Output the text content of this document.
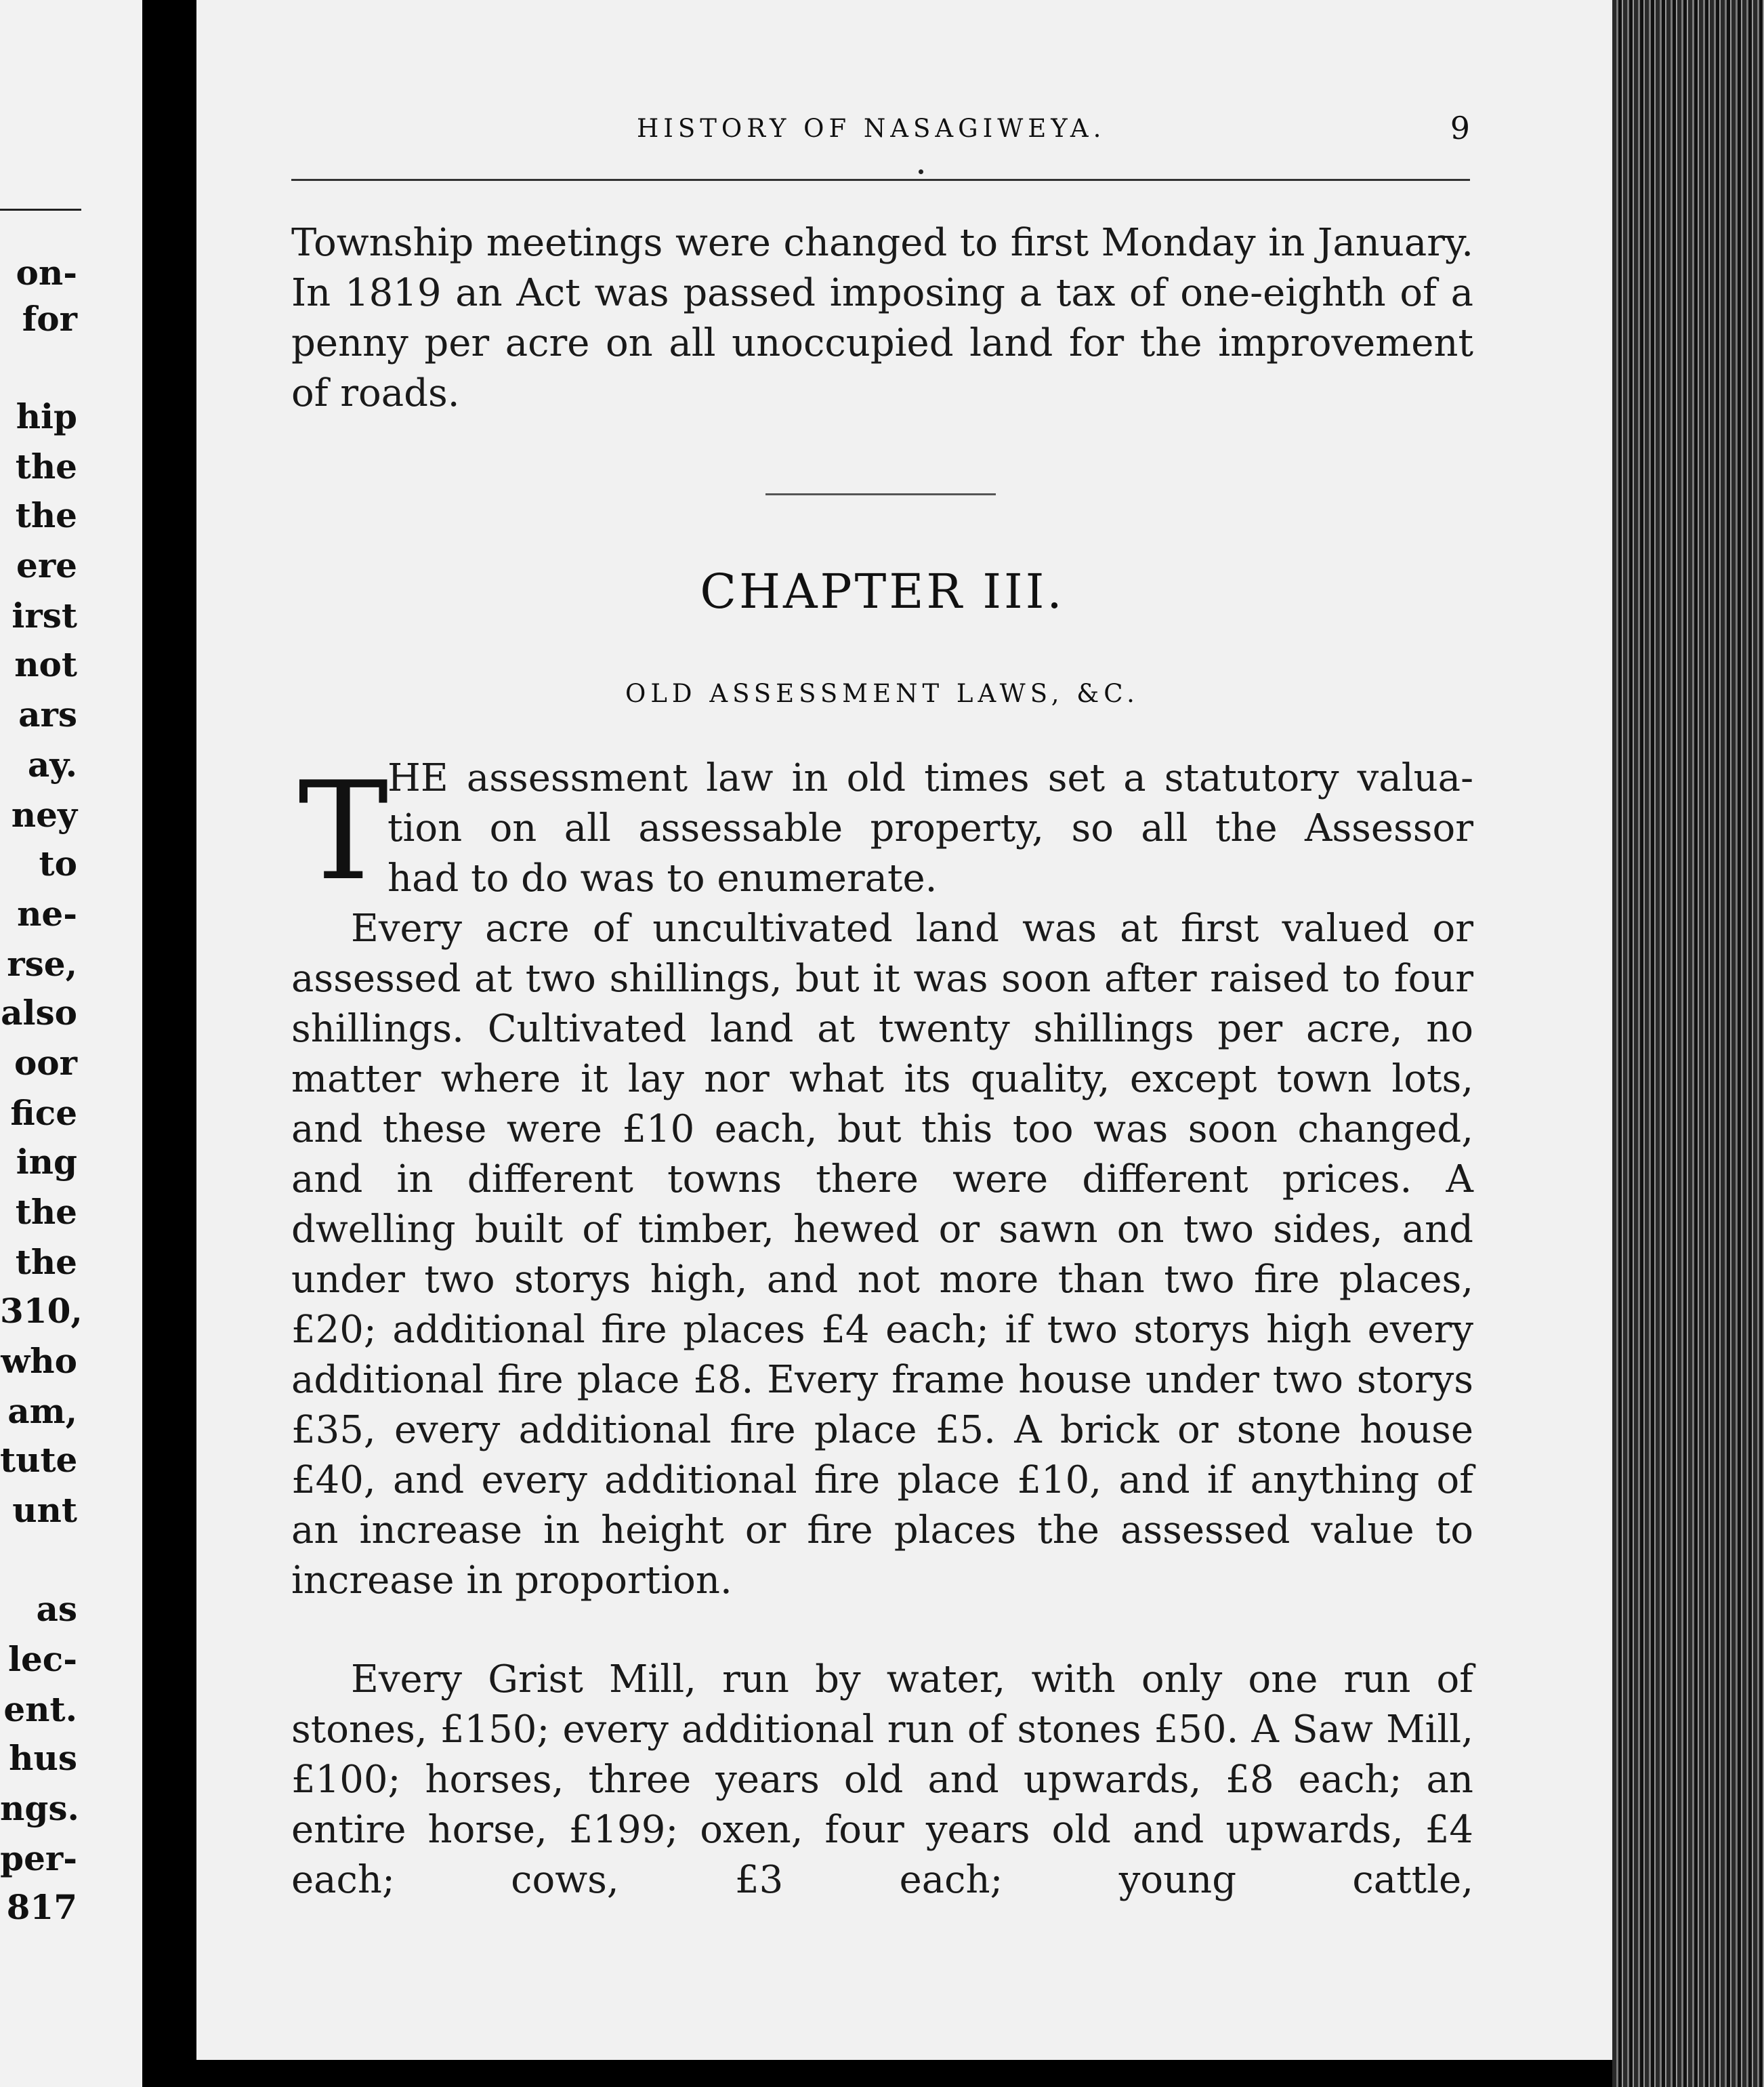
on-
for
hip
the
the
ere
irst
not
ars
ay.
ney
to
ne-
rse,
also
oor
fice
ing
the
the
310,
who
am,
tute
unt
as
lec-
ent.
hus
ngs.
per-
817
HISTORY OF NASAGIWEYA.	9

Township meetings were changed to first Monday in January. In 1819 an Act was passed imposing a tax of one-eighth of a penny per acre on all unoccupied land for the improvement of roads.

CHAPTER III.
OLD ASSESSMENT LAWS, &C.
T

HE assessment law in old times set a statutory valua-
tion on all assessable property, so all the Assessor
had to do was to enumerate.

Every acre of uncultivated land was at first valued or assessed at two shillings, but it was soon after raised to four shillings. Cultivated land at twenty shillings per acre, no matter where it lay nor what its quality, except town lots, and these were £10 each, but this too was soon changed, and in different towns there were different prices. A dwelling built of timber, hewed or sawn on two sides, and under two storys high, and not more than two fire places, £20; additional fire places £4 each; if two storys high every additional fire place £8. Every frame house under two storys £35, every additional fire place £5. A brick or stone house £40, and every additional fire place £10, and if anything of an increase in height or fire places the assessed value to increase in proportion.

Every Grist Mill, run by water, with only one run of stones, £150; every additional run of stones £50. A Saw Mill, £100; horses, three years old and upwards, £8 each; an entire horse, £199; oxen, four years old and upwards, £4 each; cows, £3 each; young cattle,
